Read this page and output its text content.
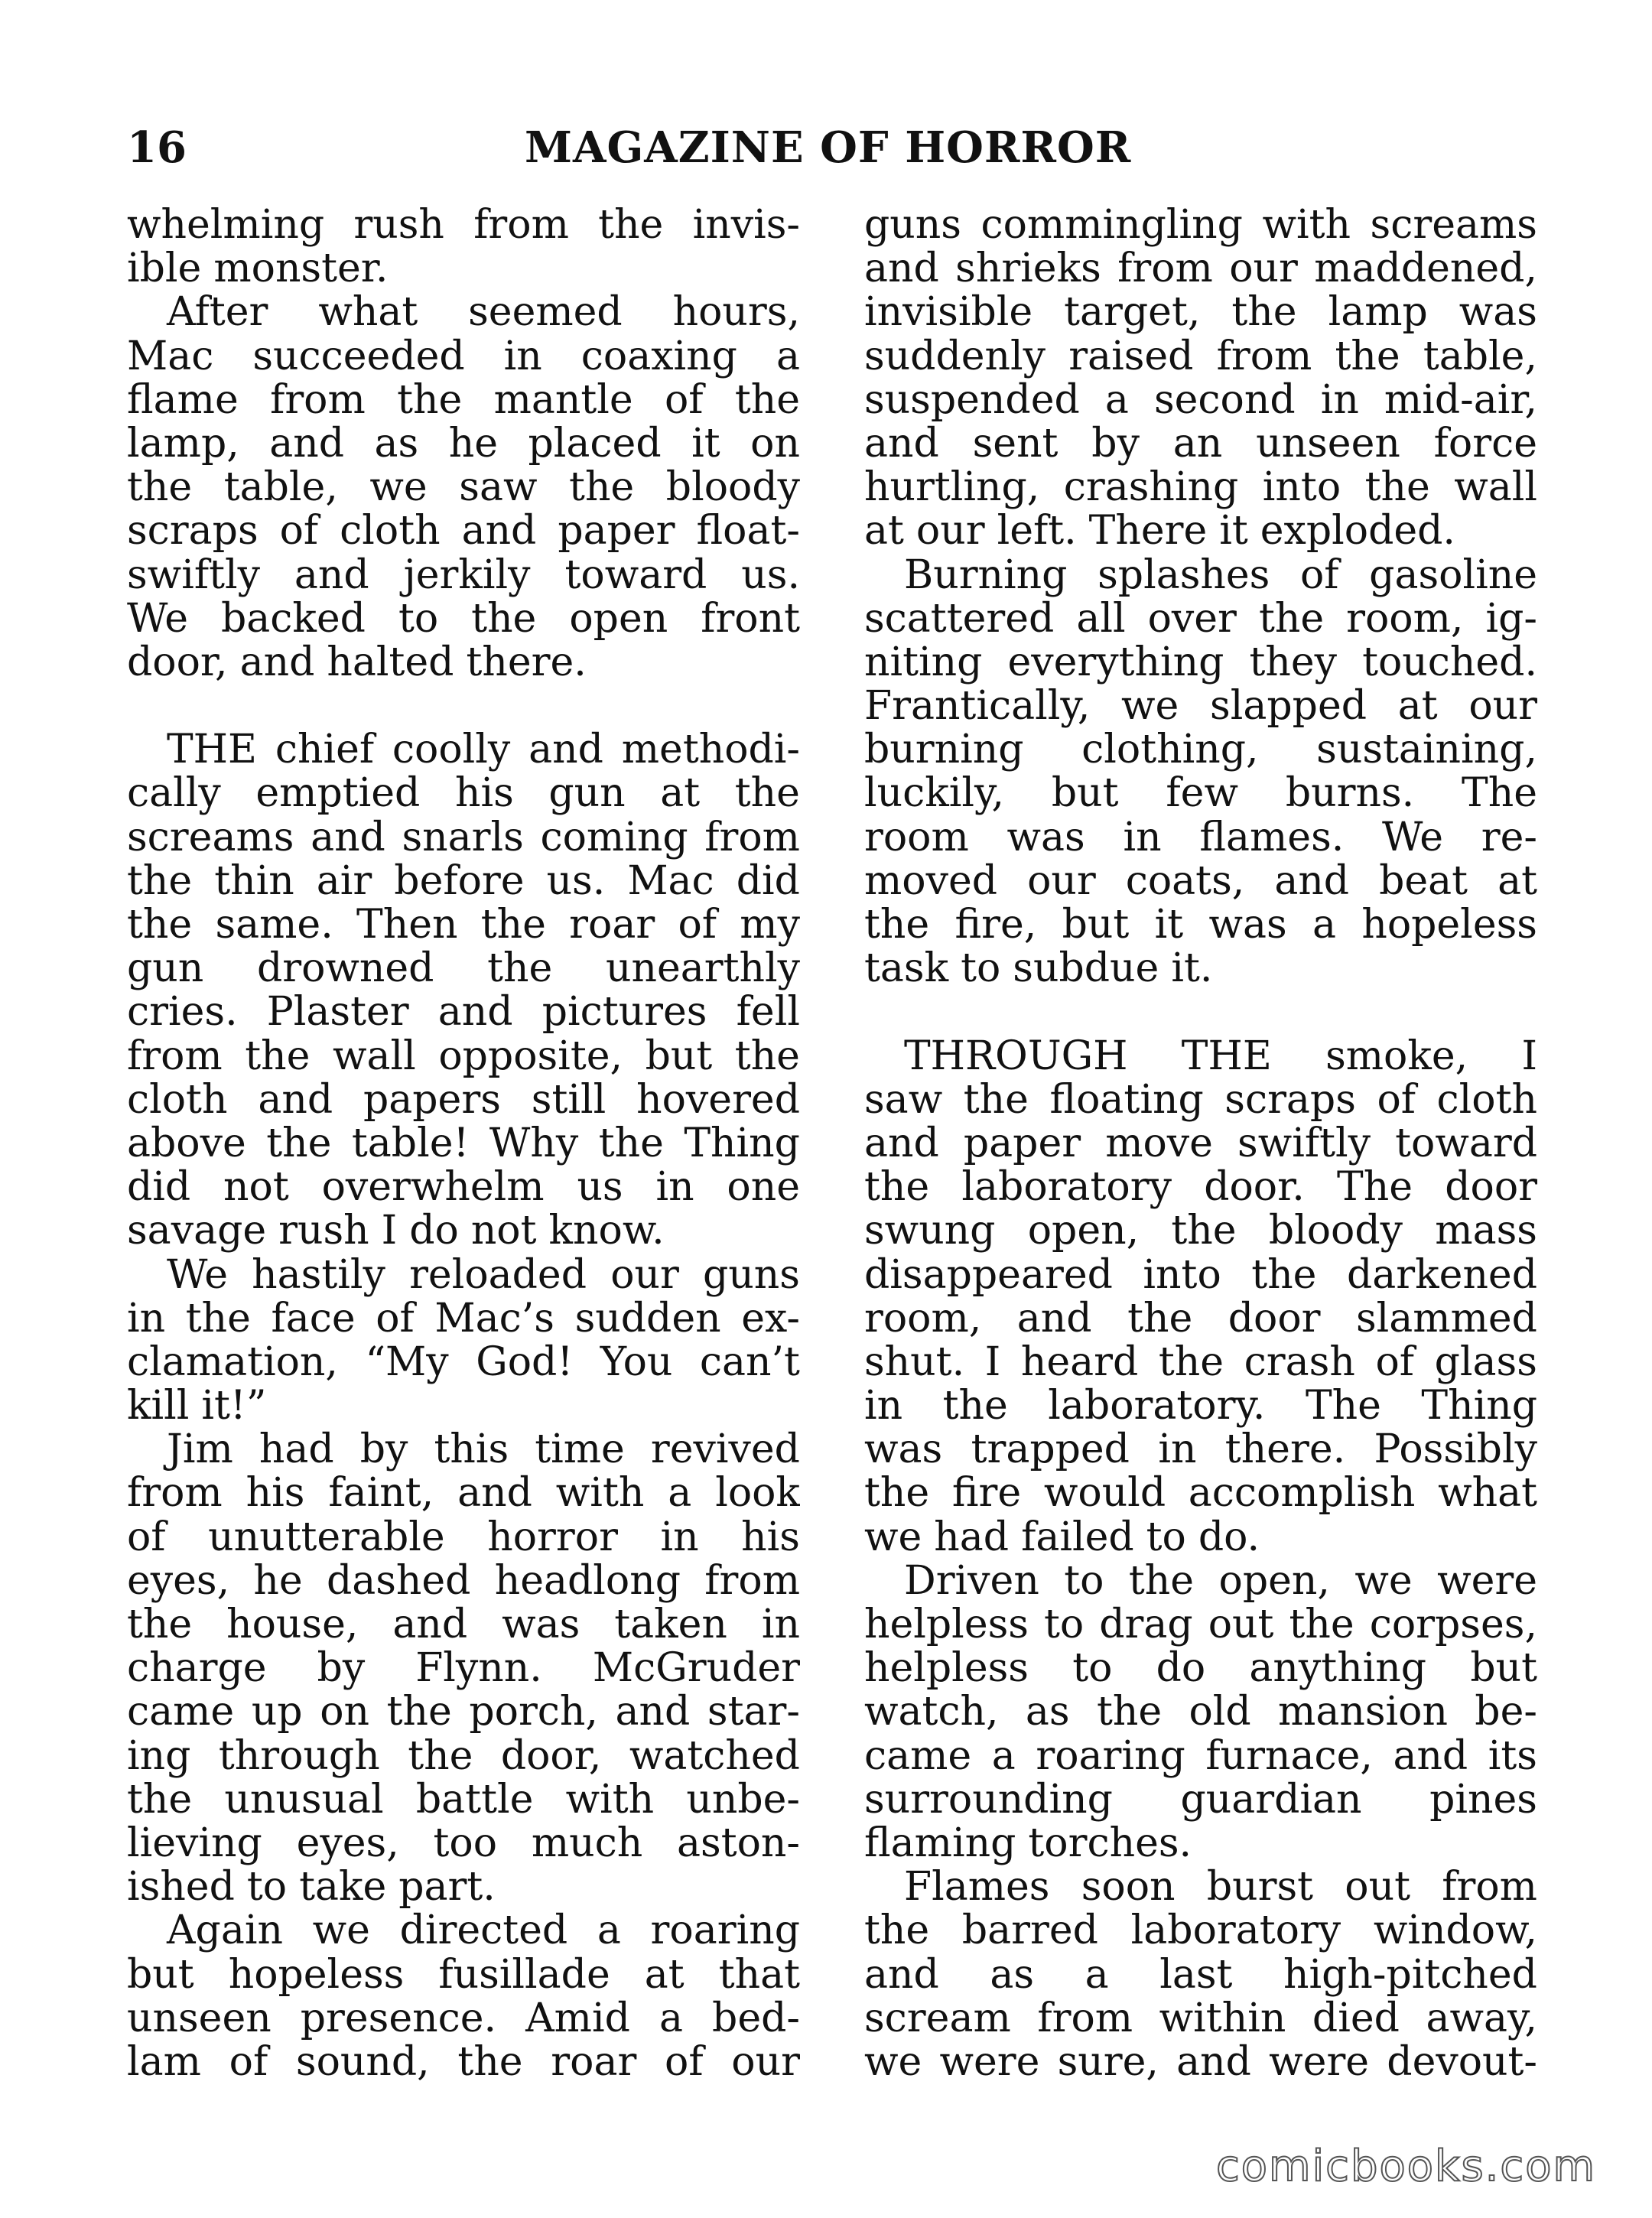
16	MAGAZINE OF HORROR
whelming rush from the invis-
ible monster.
After what seemed hours,
Mac succeeded in coaxing a
flame from the mantle of the
lamp, and as he placed it on
the table, we saw the bloody
scraps of cloth and paper float-
swiftly and jerkily toward us.
We backed to the open front
door, and halted there.
THE chief coolly and methodi-
cally emptied his gun at the
screams and snarls coming from
the thin air before us. Mac did
the same. Then the roar of my
gun drowned the unearthly
cries. Plaster and pictures fell
from the wall opposite, but the
cloth and papers still hovered
above the table! Why the Thing
did not overwhelm us in one
savage rush I do not know.
We hastily reloaded our guns
in the face of Mac’s sudden ex-
clamation, “My God! You can’t
kill it!”
Jim had by this time revived
from his faint, and with a look
of unutterable horror in his
eyes, he dashed headlong from
the house, and was taken in
charge by Flynn. McGruder
came up on the porch, and star-
ing through the door, watched
the unusual battle with unbe-
lieving eyes, too much aston-
ished to take part.
Again we directed a roaring
but hopeless fusillade at that
unseen presence. Amid a bed-
lam of sound, the roar of our
guns commingling with screams
and shrieks from our maddened,
invisible target, the lamp was
suddenly raised from the table,
suspended a second in mid-air,
and sent by an unseen force
hurtling, crashing into the wall
at our left. There it exploded.
Burning splashes of gasoline
scattered all over the room, ig-
niting everything they touched.
Frantically, we slapped at our
burning clothing, sustaining,
luckily, but few burns. The
room was in flames. We re-
moved our coats, and beat at
the fire, but it was a hopeless
task to subdue it.
THROUGH THE smoke, I
saw the floating scraps of cloth
and paper move swiftly toward
the laboratory door. The door
swung open, the bloody mass
disappeared into the darkened
room, and the door slammed
shut. I heard the crash of glass
in the laboratory. The Thing
was trapped in there. Possibly
the fire would accomplish what
we had failed to do.
Driven to the open, we were
helpless to drag out the corpses,
helpless to do anything but
watch, as the old mansion be-
came a roaring furnace, and its
surrounding guardian pines
flaming torches.
Flames soon burst out from
the barred laboratory window,
and as a last high-pitched
scream from within died away,
we were sure, and were devout-
comicbooks.com
